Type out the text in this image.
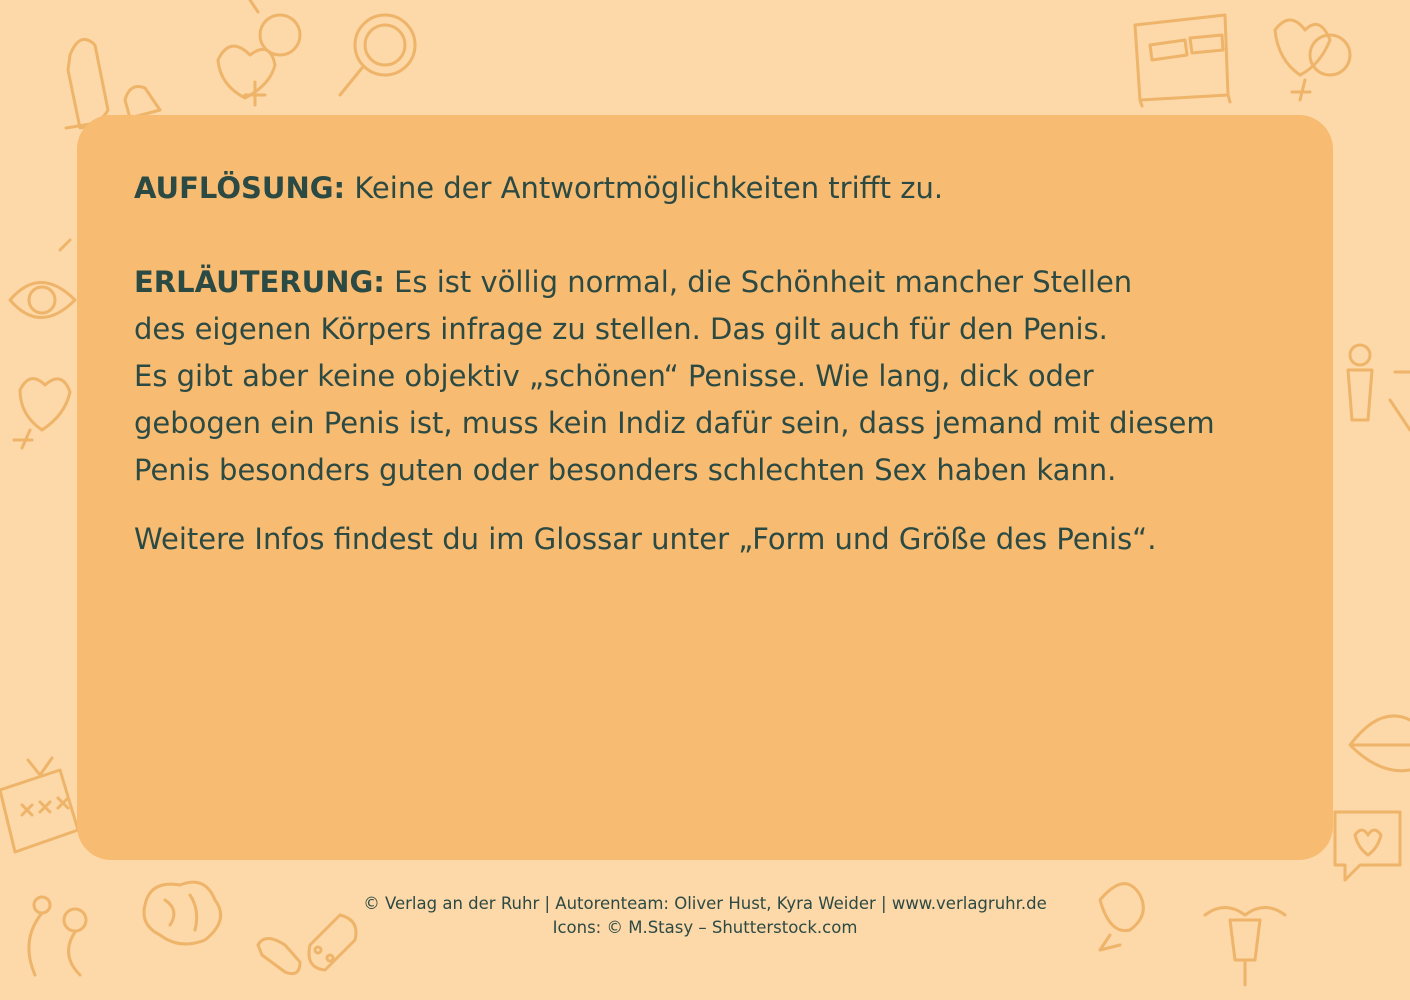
AUFLÖSUNG: Keine der Antwortmöglichkeiten trifft zu.

ERLÄUTERUNG: Es ist völlig normal, die Schönheit mancher Stellen
des eigenen Körpers infrage zu stellen. Das gilt auch für den Penis.
Es gibt aber keine objektiv „schönen“ Penisse. Wie lang, dick oder
gebogen ein Penis ist, muss kein Indiz dafür sein, dass jemand mit diesem
Penis besonders guten oder besonders schlechten Sex haben kann.

Weitere Infos findest du im Glossar unter „Form und Größe des Penis“.

© Verlag an der Ruhr | Autorenteam: Oliver Hust, Kyra Weider | www.verlagruhr.de
Icons: © M.Stasy – Shutterstock.com
